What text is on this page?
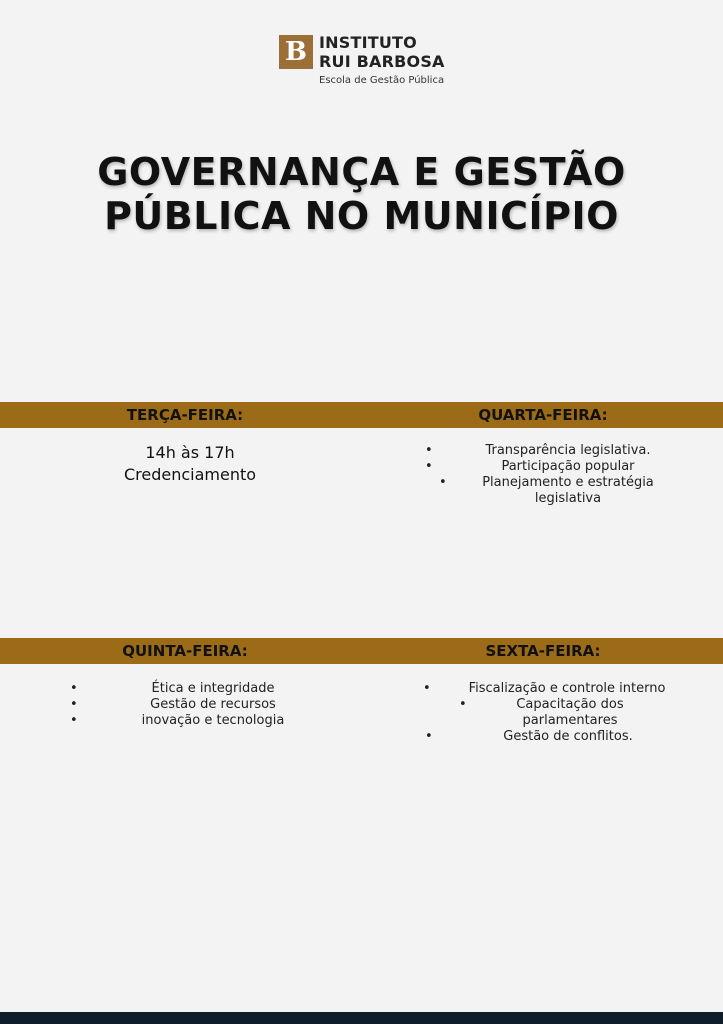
B INSTITUTO
RUI BARBOSA
Escola de Gestão Pública
GOVERNANÇA E GESTÃO
PÚBLICA NO MUNICÍPIO
TERÇA-FEIRA:	QUARTA-FEIRA:
14h às 17h
Credenciamento
• Transparência legislativa.
• Participação popular
• Planejamento e estratégia legislativa
QUINTA-FEIRA:	SEXTA-FEIRA:
• Ética e integridade
• Gestão de recursos
• inovação e tecnologia
• Fiscalização e controle interno
• Capacitação dos parlamentares
• Gestão de conflitos.
